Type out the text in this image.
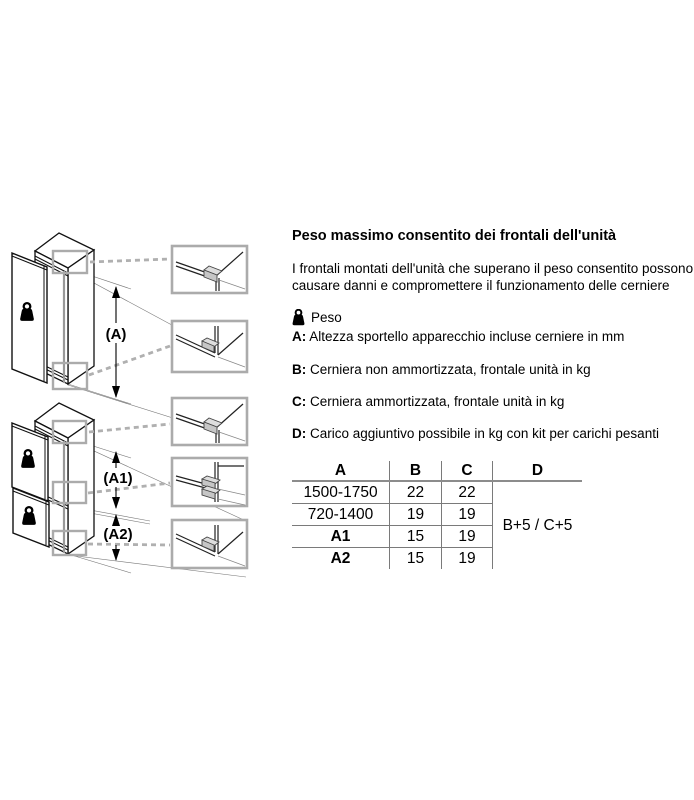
(A)
(A1)
(A2)
Peso massimo consentito dei frontali dell'unità

I frontali montati dell'unità che superano il peso consentito possono causare danni e compromettere il funzionamento delle cerniere

Peso
A: Altezza sportello apparecchio incluse cerniere in mm
B: Cerniera non ammortizzata, frontale unità in kg
C: Cerniera ammortizzata, frontale unità in kg
D: Carico aggiuntivo possibile in kg con kit per carichi pesanti
A	B	C	D
1500-1750	22	22	B+5 / C+5
720-1400	19	19	
A1	15	19	
A2	15	19	
